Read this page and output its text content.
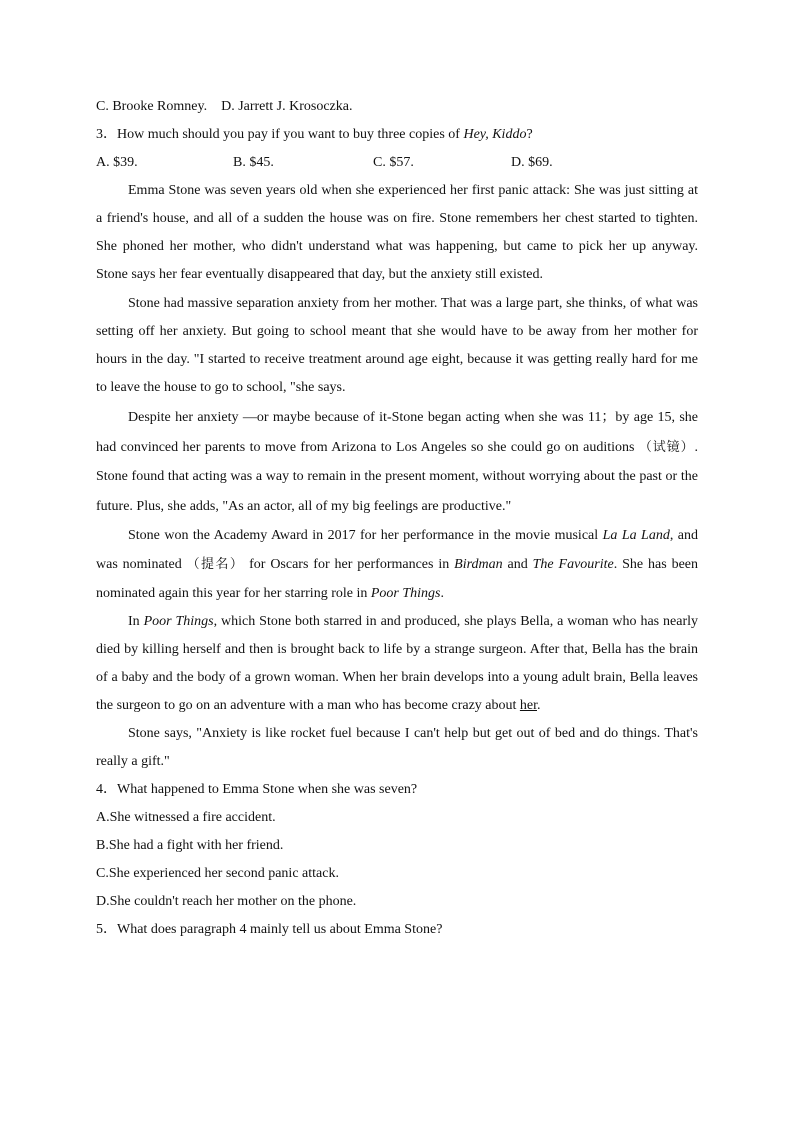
C. Brooke Romney.    D. Jarrett J. Krosoczka.

3．How much should you pay if you want to buy three copies of Hey, Kiddo?

A. $39.	B. $45.	C. $57.	D. $69.

Emma Stone was seven years old when she experienced her first panic attack: She was just sitting at a friend's house, and all of a sudden the house was on fire. Stone remembers her chest started to tighten. She phoned her mother, who didn't understand what was happening, but came to pick her up anyway. Stone says her fear eventually disappeared that day, but the anxiety still existed.

Stone had massive separation anxiety from her mother. That was a large part, she thinks, of what was setting off her anxiety. But going to school meant that she would have to be away from her mother for hours in the day. "I started to receive treatment around age eight, because it was getting really hard for me to leave the house to go to school, "she says.

Despite her anxiety —or maybe because of it-Stone began acting when she was 11；by age 15, she had convinced her parents to move from Arizona to Los Angeles so she could go on auditions （试镜）. Stone found that acting was a way to remain in the present moment, without worrying about the past or the future. Plus, she adds, "As an actor, all of my big feelings are productive."

Stone won the Academy Award in 2017 for her performance in the movie musical La La Land, and was nominated （提名） for Oscars for her performances in Birdman and The Favourite. She has been nominated again this year for her starring role in Poor Things.

In Poor Things, which Stone both starred in and produced, she plays Bella, a woman who has nearly died by killing herself and then is brought back to life by a strange surgeon. After that, Bella has the brain of a baby and the body of a grown woman. When her brain develops into a young adult brain, Bella leaves the surgeon to go on an adventure with a man who has become crazy about her.

Stone says, "Anxiety is like rocket fuel because I can't help but get out of bed and do things. That's really a gift."

4．What happened to Emma Stone when she was seven?

A.She witnessed a fire accident.

B.She had a fight with her friend.

C.She experienced her second panic attack.

D.She couldn't reach her mother on the phone.

5．What does paragraph 4 mainly tell us about Emma Stone?
